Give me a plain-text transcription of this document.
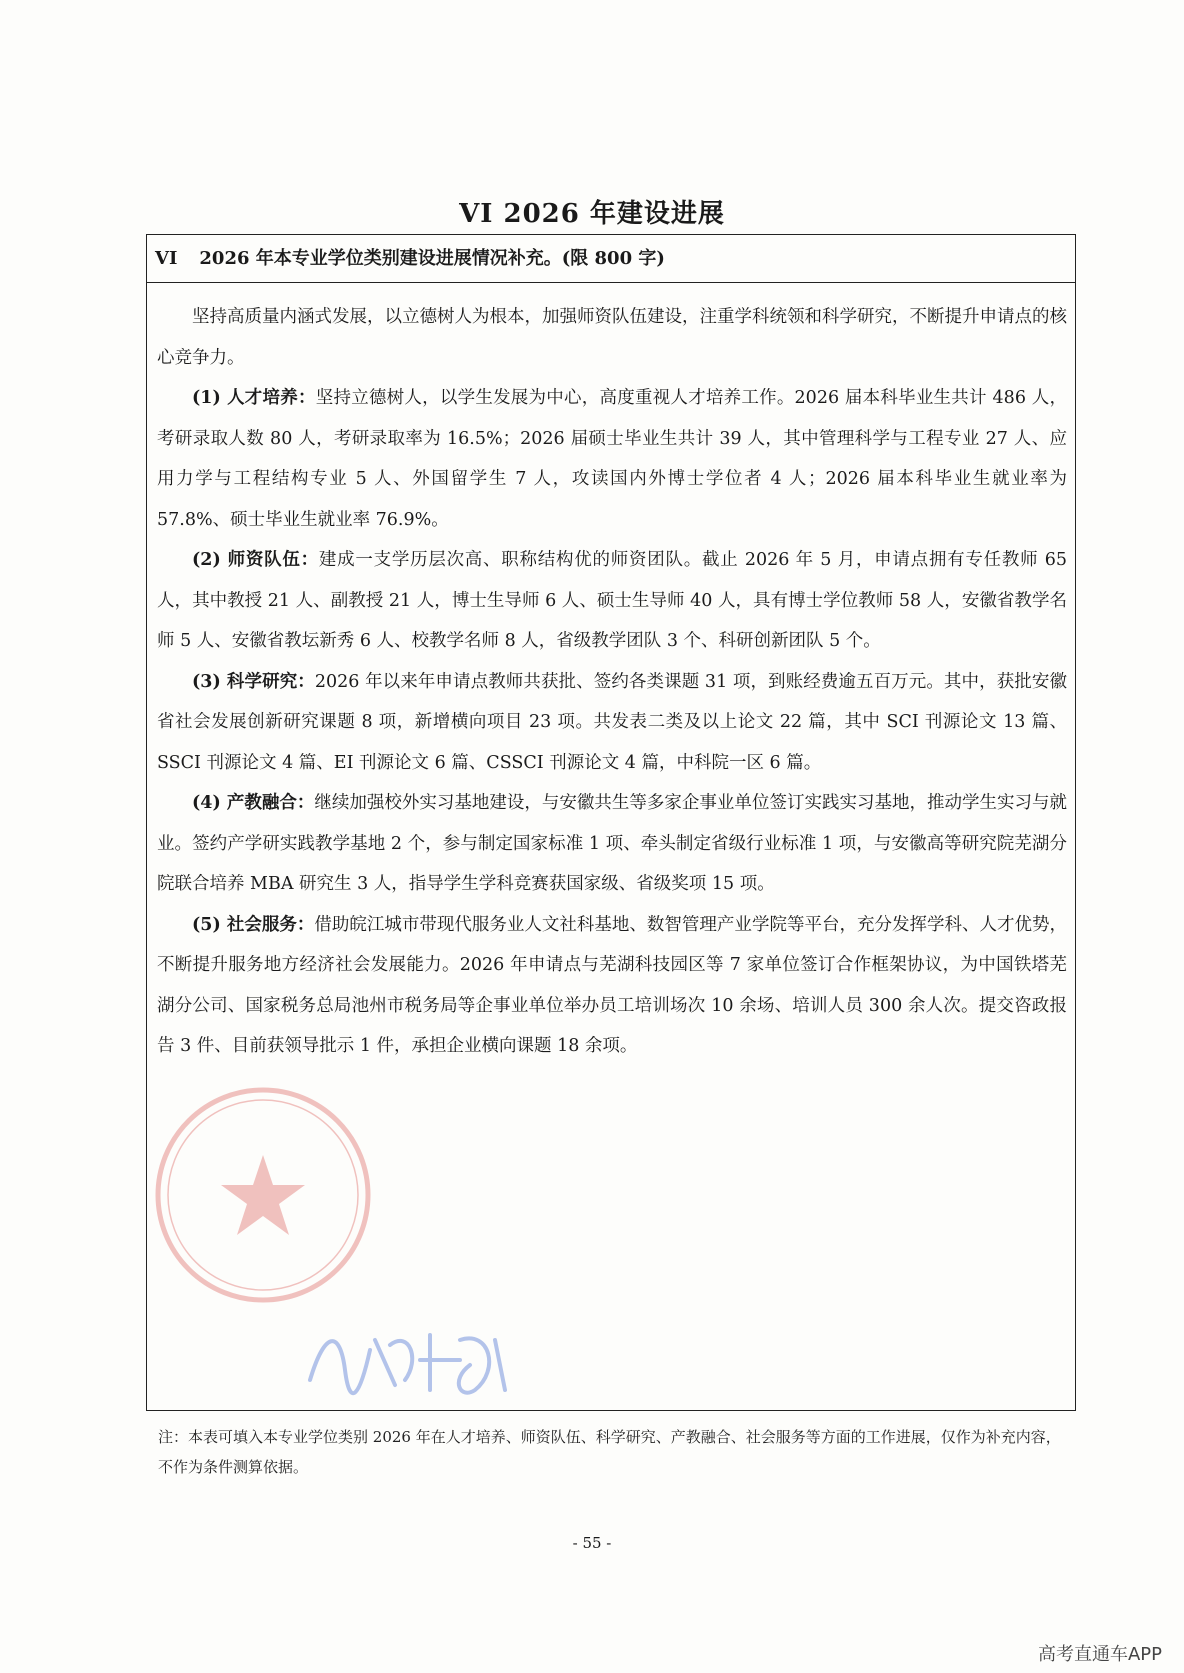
VI 2026 年建设进展
VI 2026 年本专业学位类别建设进展情况补充。(限 800 字)

坚持高质量内涵式发展，以立德树人为根本，加强师资队伍建设，注重学科统领和科学研究，不断提升申请点的核心竞争力。

(1) 人才培养：坚持立德树人，以学生发展为中心，高度重视人才培养工作。2026 届本科毕业生共计 486 人，考研录取人数 80 人，考研录取率为 16.5%；2026 届硕士毕业生共计 39 人，其中管理科学与工程专业 27 人、应用力学与工程结构专业 5 人、外国留学生 7 人，攻读国内外博士学位者 4 人；2026 届本科毕业生就业率为 57.8%、硕士毕业生就业率 76.9%。

(2) 师资队伍：建成一支学历层次高、职称结构优的师资团队。截止 2026 年 5 月，申请点拥有专任教师 65 人，其中教授 21 人、副教授 21 人，博士生导师 6 人、硕士生导师 40 人，具有博士学位教师 58 人，安徽省教学名师 5 人、安徽省教坛新秀 6 人、校教学名师 8 人，省级教学团队 3 个、科研创新团队 5 个。

(3) 科学研究：2026 年以来年申请点教师共获批、签约各类课题 31 项，到账经费逾五百万元。其中，获批安徽省社会发展创新研究课题 8 项，新增横向项目 23 项。共发表二类及以上论文 22 篇，其中 SCI 刊源论文 13 篇、SSCI 刊源论文 4 篇、EI 刊源论文 6 篇、CSSCI 刊源论文 4 篇，中科院一区 6 篇。

(4) 产教融合：继续加强校外实习基地建设，与安徽共生等多家企事业单位签订实践实习基地，推动学生实习与就业。签约产学研实践教学基地 2 个，参与制定国家标准 1 项、牵头制定省级行业标准 1 项，与安徽高等研究院芜湖分院联合培养 MBA 研究生 3 人，指导学生学科竞赛获国家级、省级奖项 15 项。

(5) 社会服务：借助皖江城市带现代服务业人文社科基地、数智管理产业学院等平台，充分发挥学科、人才优势，不断提升服务地方经济社会发展能力。2026 年申请点与芜湖科技园区等 7 家单位签订合作框架协议，为中国铁塔芜湖分公司、国家税务总局池州市税务局等企事业单位举办员工培训场次 10 余场、培训人员 300 余人次。提交咨政报告 3 件、目前获领导批示 1 件，承担企业横向课题 18 余项。

注：本表可填入本专业学位类别 2026 年在人才培养、师资队伍、科学研究、产教融合、社会服务等方面的工作进展，仅作为补充内容，不作为条件测算依据。
- 55 -
高考直通车APP
